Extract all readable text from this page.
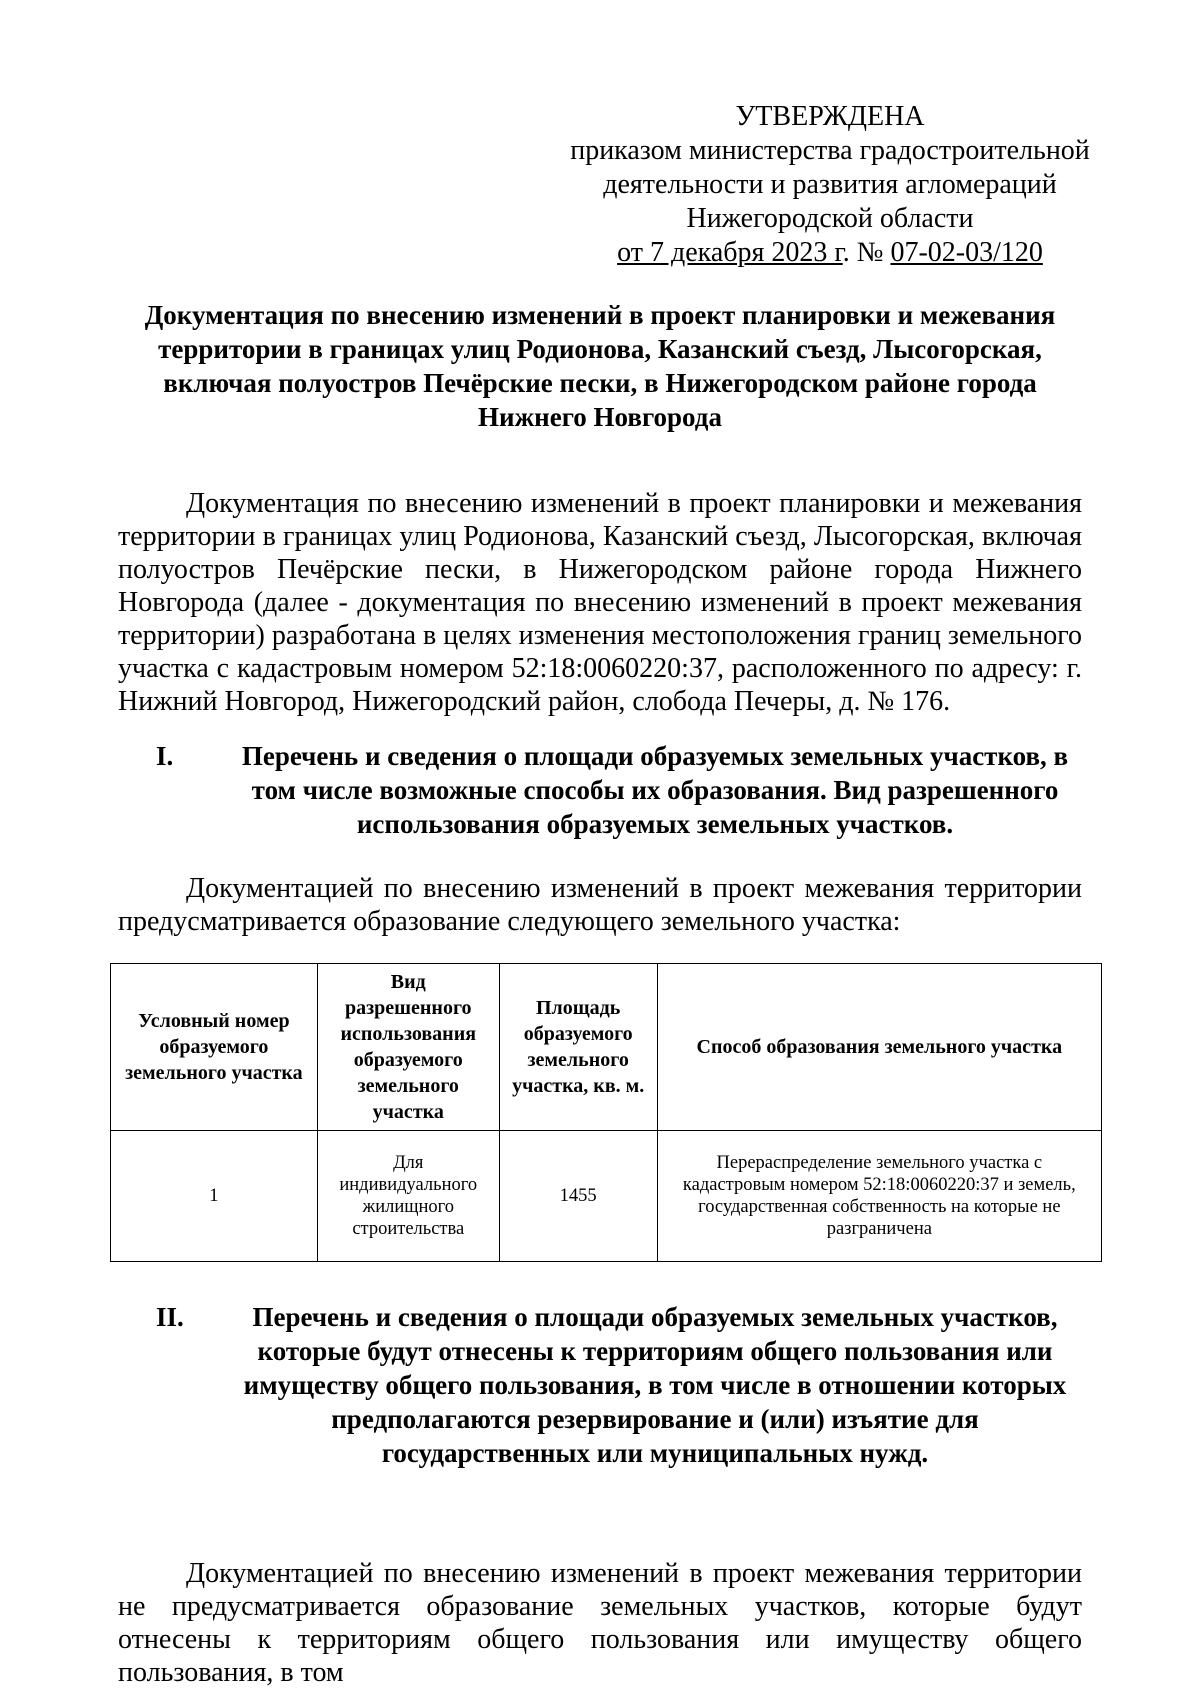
УТВЕРЖДЕНА
приказом министерства градостроительной
деятельности и развития агломераций
Нижегородской области
от 7 декабря 2023 г. № 07-02-03/120
Документация по внесению изменений в проект планировки и межевания территории в границах улиц Родионова, Казанский съезд, Лысогорская, включая полуостров Печёрские пески, в Нижегородском районе города Нижнего Новгорода
Документация по внесению изменений в проект планировки и межевания территории в границах улиц Родионова, Казанский съезд, Лысогорская, включая полуостров Печёрские пески, в Нижегородском районе города Нижнего Новгорода (далее - документация по внесению изменений в проект межевания территории) разработана в целях изменения местоположения границ земельного участка с кадастровым номером 52:18:0060220:37, расположенного по адресу: г. Нижний Новгород, Нижегородский район, слобода Печеры, д. № 176.
I.	Перечень и сведения о площади образуемых земельных участков, в том числе возможные способы их образования. Вид разрешенного использования образуемых земельных участков.
Документацией по внесению изменений в проект межевания территории предусматривается образование следующего земельного участка:
Условный номер образуемого земельного участка	Вид разрешенного использования образуемого земельного участка	Площадь образуемого земельного участка, кв. м.	Способ образования земельного участка
1	Для индивидуального жилищного строительства	1455	Перераспределение земельного участка с кадастровым номером 52:18:0060220:37 и земель, государственная собственность на которые не разграничена
II.	Перечень и сведения о площади образуемых земельных участков, которые будут отнесены к территориям общего пользования или имуществу общего пользования, в том числе в отношении которых предполагаются резервирование и (или) изъятие для государственных или муниципальных нужд.
Документацией по внесению изменений в проект межевания территории не предусматривается образование земельных участков, которые будут отнесены к территориям общего пользования или имуществу общего пользования, в том
